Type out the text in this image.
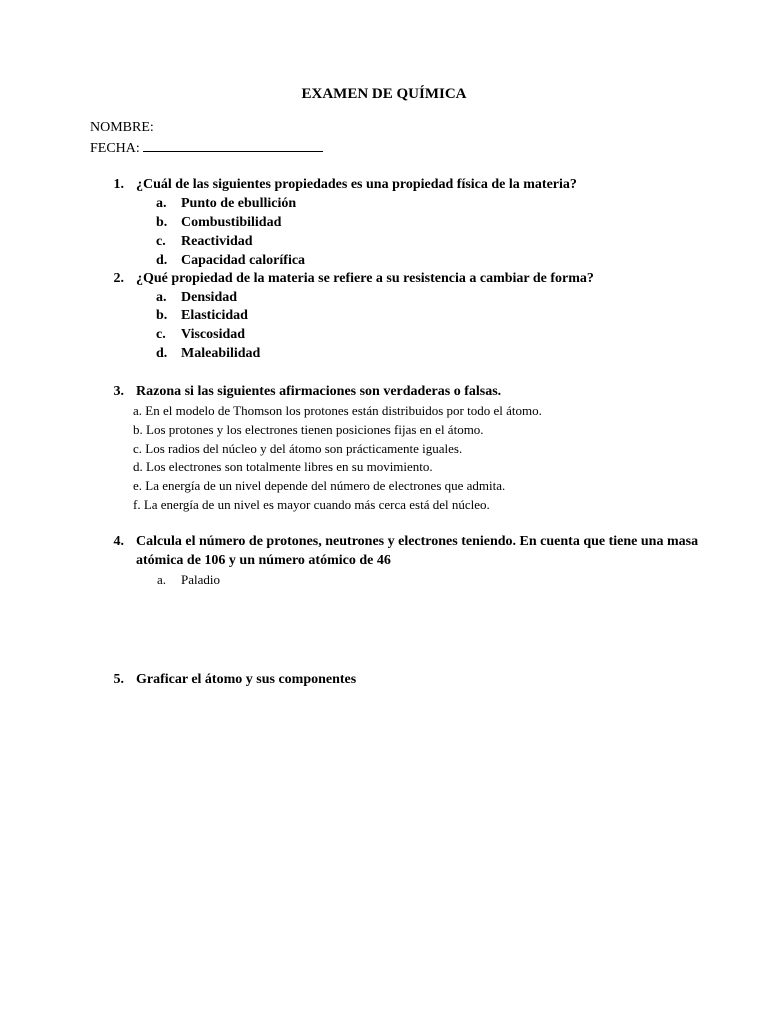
EXAMEN DE QUÍMICA
NOMBRE:
FECHA:
1. ¿Cuál de las siguientes propiedades es una propiedad física de la materia?
a.	Punto de ebullición
b. Combustibilidad
c.	Reactividad
d. Capacidad calorífica
2. ¿Qué propiedad de la materia se refiere a su resistencia a cambiar de forma?
a.	Densidad
b. Elasticidad
c.	Viscosidad
d. Maleabilidad
3. Razona si las siguientes afirmaciones son verdaderas o falsas.
a. En el modelo de Thomson los protones están distribuidos por todo el átomo.
b. Los protones y los electrones tienen posiciones fijas en el átomo.
c. Los radios del núcleo y del átomo son prácticamente iguales.
d. Los electrones son totalmente libres en su movimiento.
e. La energía de un nivel depende del número de electrones que admita.
f. La energía de un nivel es mayor cuando más cerca está del núcleo.
4. Calcula el número de protones, neutrones y electrones teniendo. En cuenta que tiene una masa
atómica de 106 y un número atómico de 46
a.	Paladio
5. Graficar el átomo y sus componentes
